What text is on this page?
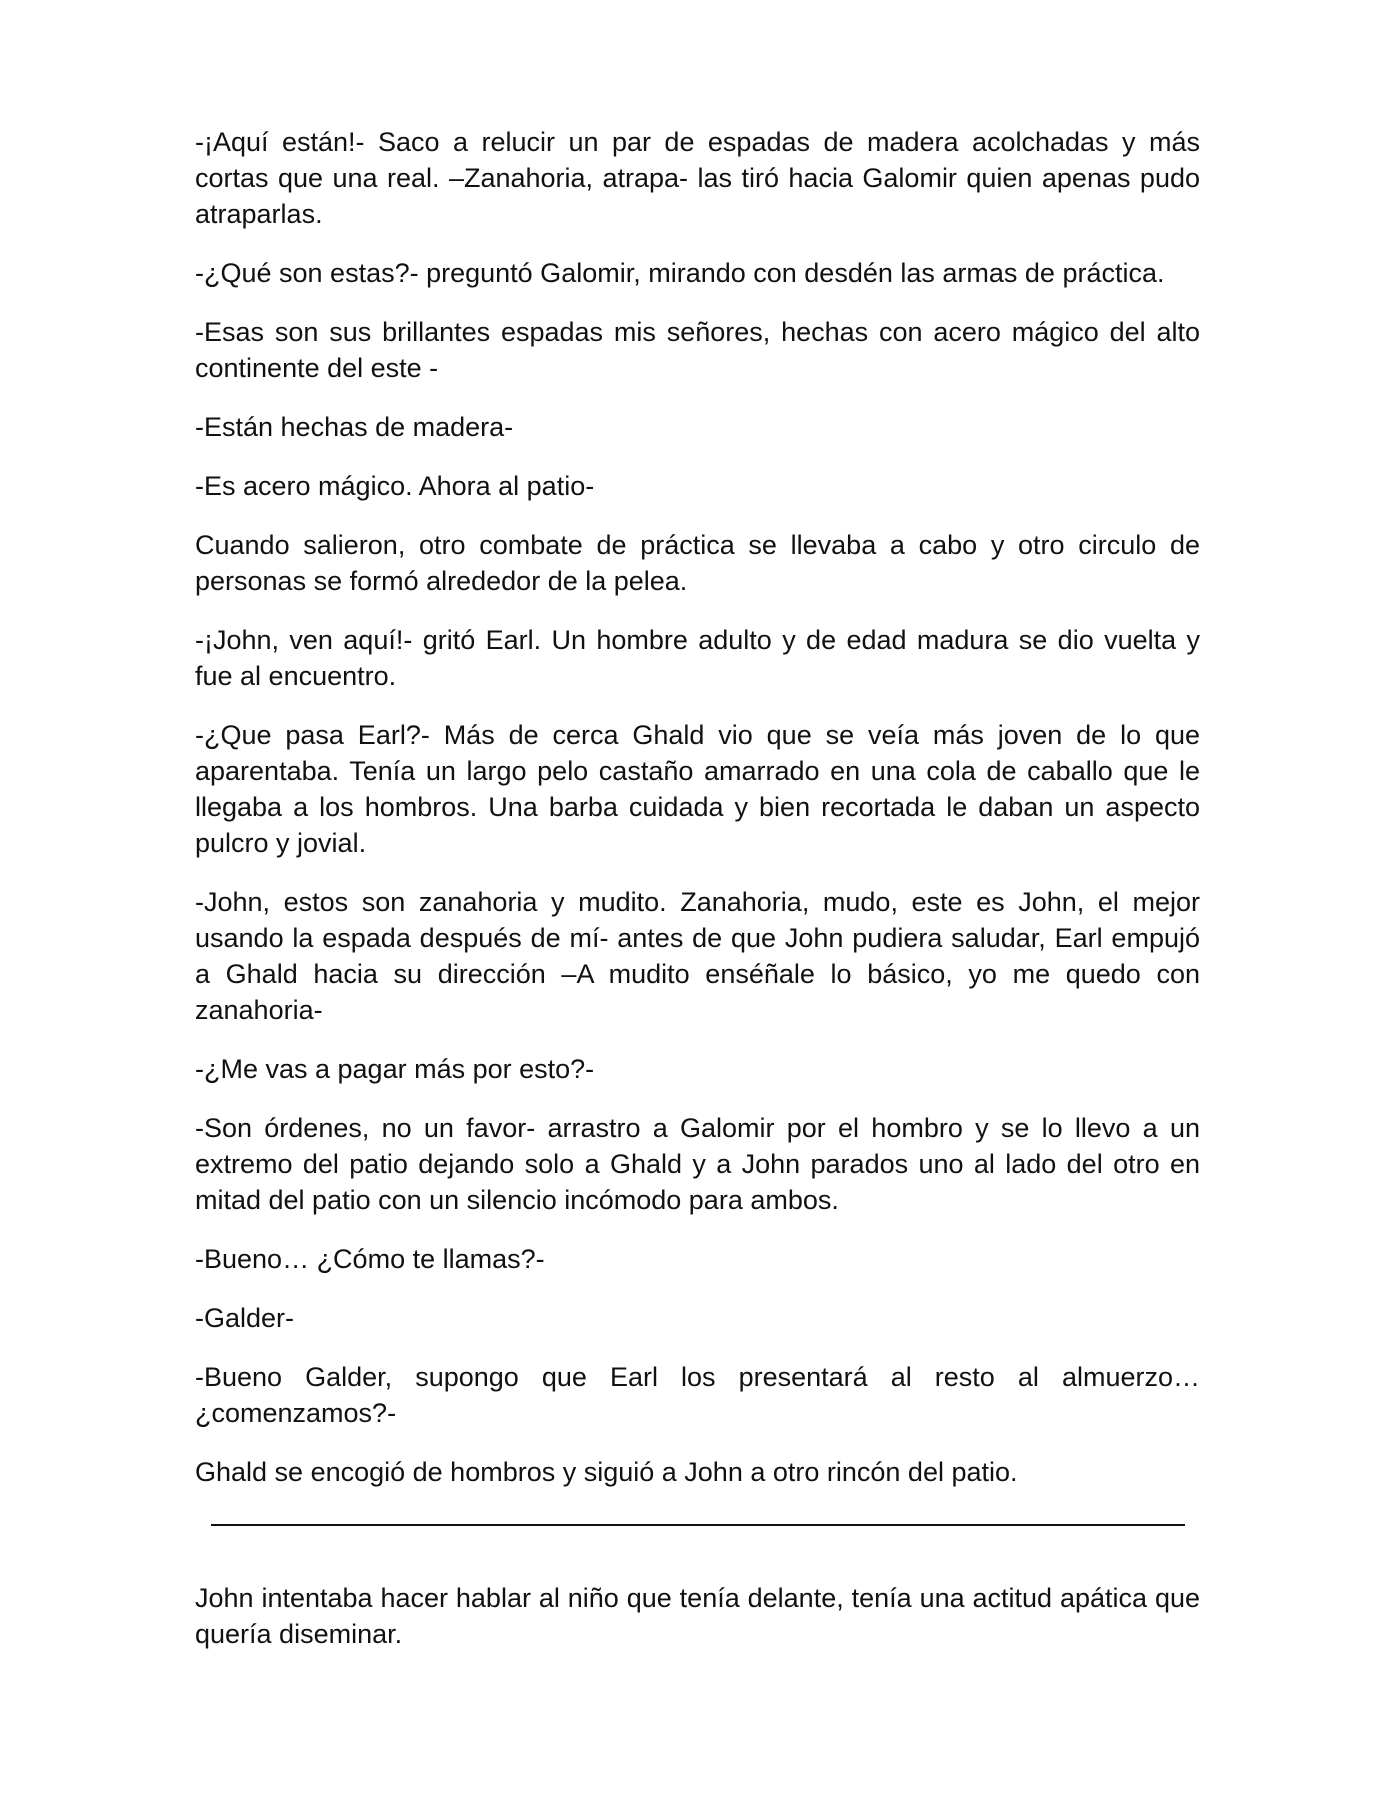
-¡Aquí están!- Saco a relucir un par de espadas de madera acolchadas y más cortas que una real. –Zanahoria, atrapa- las tiró hacia Galomir quien apenas pudo atraparlas.

-¿Qué son estas?- preguntó Galomir, mirando con desdén las armas de práctica.

-Esas son sus brillantes espadas mis señores, hechas con acero mágico del alto continente del este -

-Están hechas de madera-

-Es acero mágico. Ahora al patio-

Cuando salieron, otro combate de práctica se llevaba a cabo y otro circulo de personas se formó alrededor de la pelea.

-¡John, ven aquí!- gritó Earl. Un hombre adulto y de edad madura se dio vuelta y fue al encuentro.

-¿Que pasa Earl?- Más de cerca Ghald vio que se veía más joven de lo que aparentaba. Tenía un largo pelo castaño amarrado en una cola de caballo que le llegaba a los hombros. Una barba cuidada y bien recortada le daban un aspecto pulcro y jovial.

-John, estos son zanahoria y mudito. Zanahoria, mudo, este es John, el mejor usando la espada después de mí- antes de que John pudiera saludar, Earl empujó a Ghald hacia su dirección –A mudito enséñale lo básico, yo me quedo con zanahoria-

-¿Me vas a pagar más por esto?-

-Son órdenes, no un favor- arrastro a Galomir por el hombro y se lo llevo a un extremo del patio dejando solo a Ghald y a John parados uno al lado del otro en mitad del patio con un silencio incómodo para ambos.

-Bueno… ¿Cómo te llamas?-

-Galder-

-Bueno Galder, supongo que Earl los presentará al resto al almuerzo… ¿comenzamos?-

Ghald se encogió de hombros y siguió a John a otro rincón del patio.

John intentaba hacer hablar al niño que tenía delante, tenía una actitud apática que quería diseminar.
